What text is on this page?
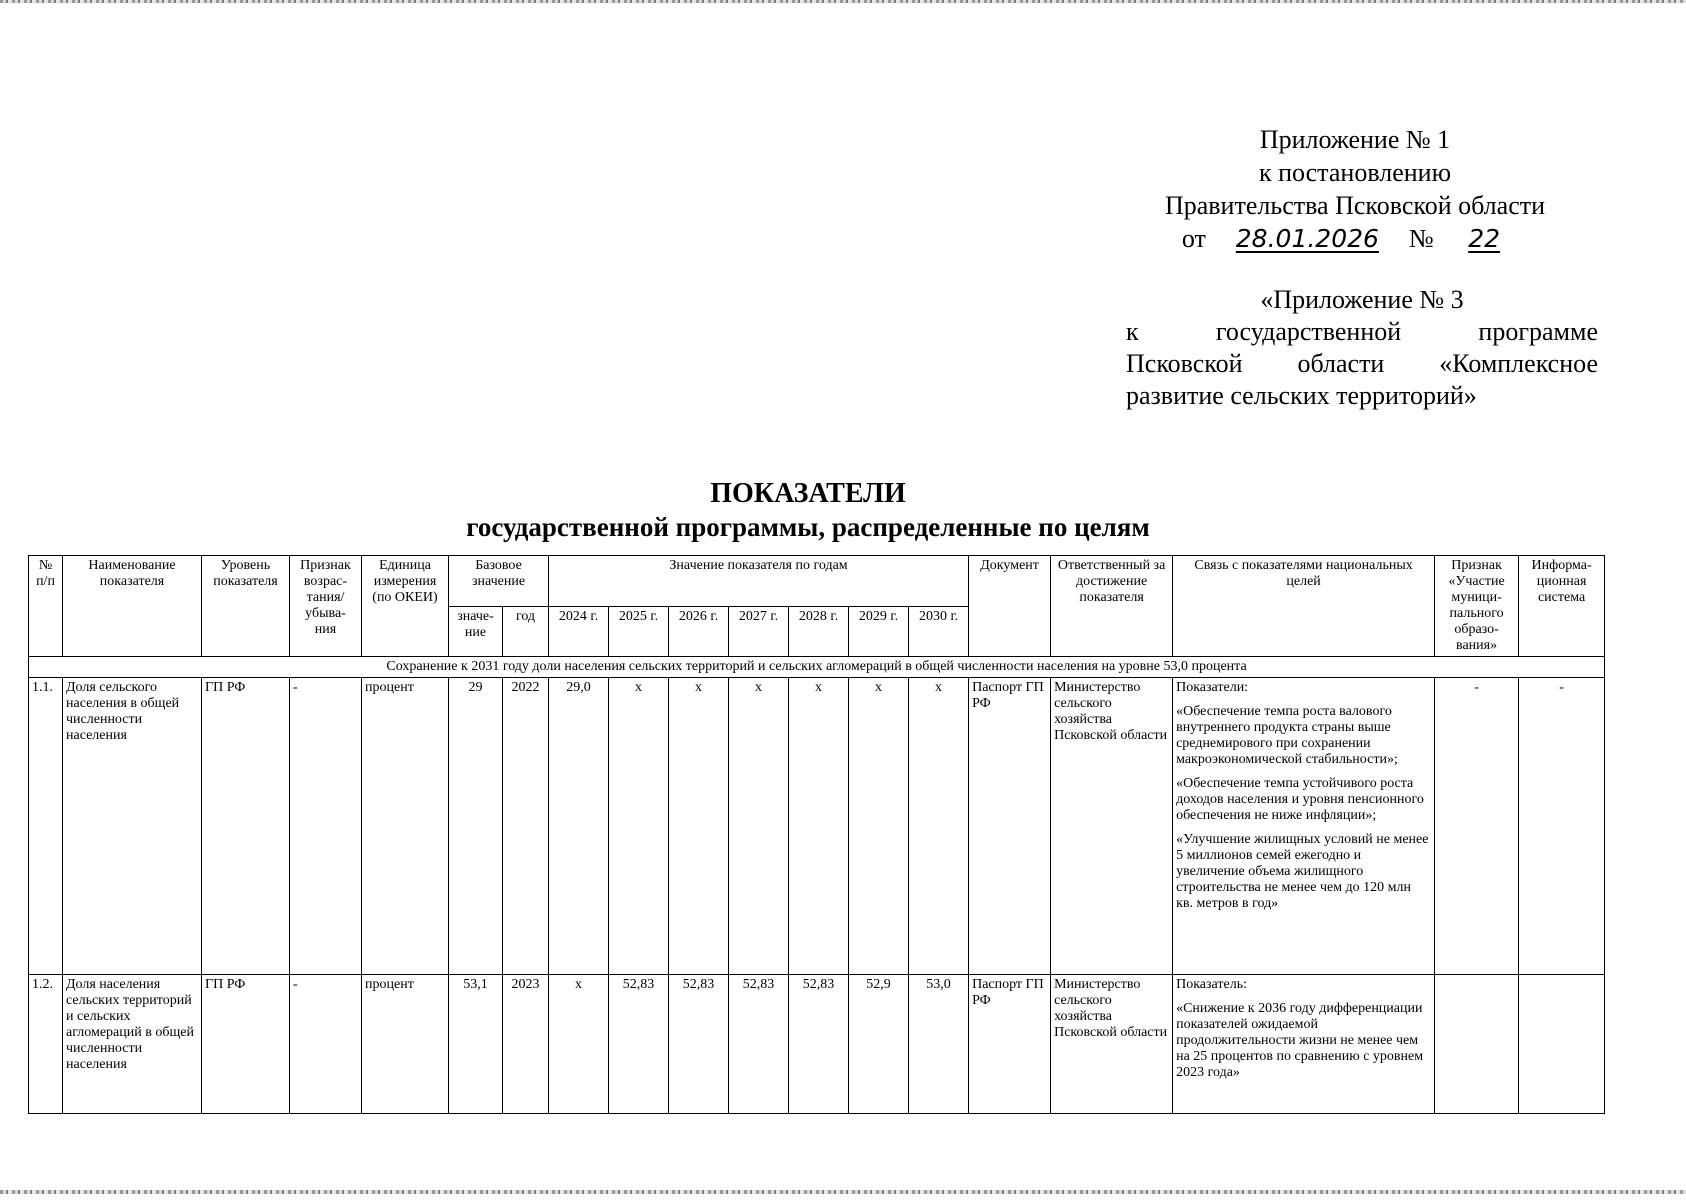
Приложение № 1
к постановлению
Правительства Псковской области
от 28.01.2026 № 22
«Приложение № 3
к	государственной	программе
Псковской области «Комплексное
развитие сельских территорий»
ПОКАЗАТЕЛИ
государственной программы, распределенные по целям
№ п/п	Наименование показателя	Уровень показателя	Признак возрас- тания/ убыва- ния	Единица измерения (по ОКЕИ)	Базовое значение		Значение показателя по годам							Документ	Ответственный за достижение показателя	Связь с показателями национальных целей	Признак «Участие муници- пального образо- вания»	Информа- ционная система
					значе- ние	год	2024 г.	2025 г.	2026 г.	2027 г.	2028 г.	2029 г.	2030 г.					
Сохранение к 2031 году доли населения сельских территорий и сельских агломераций в общей численности населения на уровне 53,0 процента																		
1.1.	Доля сельского населения в общей численности населения	ГП РФ	-	процент	29	2022	29,0	x	x	x	x	x	x	Паспорт ГП РФ	Министерство сельского хозяйства Псковской области	Показатели:
«Обеспечение темпа роста валового внутреннего продукта страны выше среднемирового при сохранении макроэкономической стабильности»;
«Обеспечение темпа устойчивого роста доходов населения и уровня пенсионного обеспечения не ниже инфляции»;
«Улучшение жилищных условий не менее 5 миллионов семей ежегодно и увеличение объема жилищного строительства не менее чем до 120 млн кв. метров в год»	-	-
1.2.	Доля населения сельских территорий и сельских агломераций в общей численности населения	ГП РФ	-	процент	53,1	2023	x	52,83	52,83	52,83	52,83	52,9	53,0	Паспорт ГП РФ	Министерство сельского хозяйства Псковской области	Показатель:
«Снижение к 2036 году дифференциации показателей ожидаемой продолжительности жизни не менее чем на 25 процентов по сравнению с уровнем 2023 года»		
